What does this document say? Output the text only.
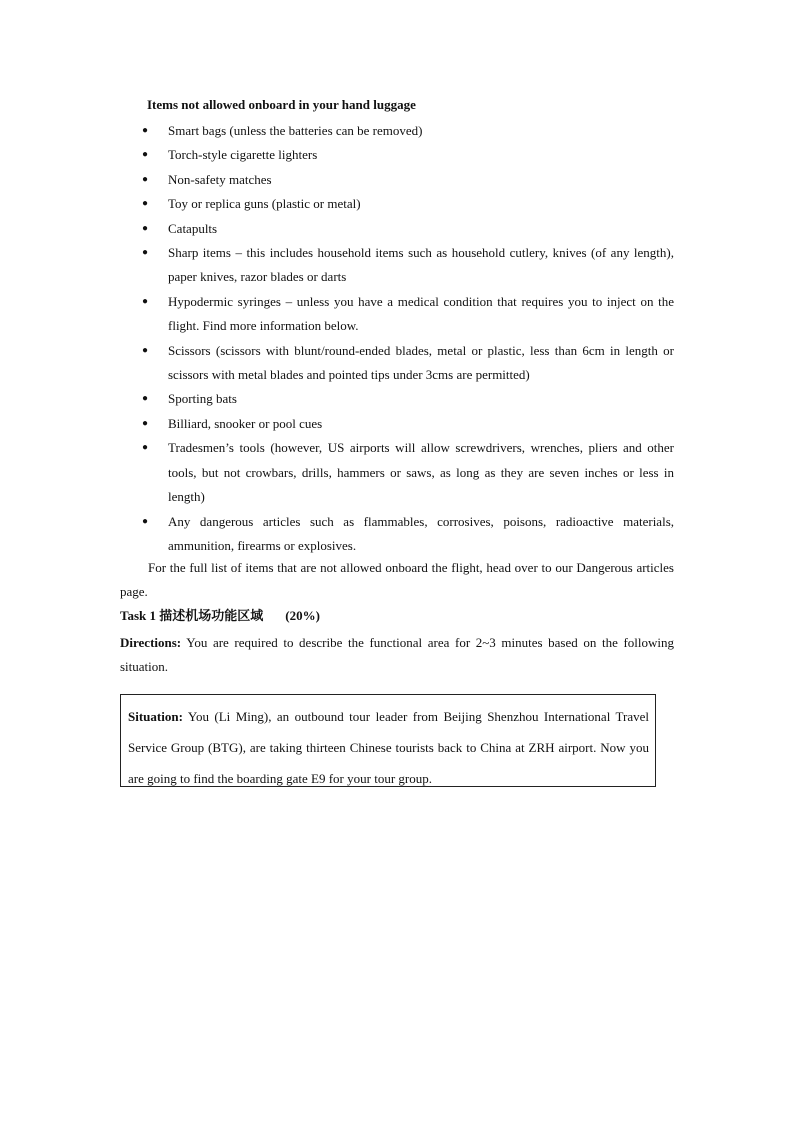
Items not allowed onboard in your hand luggage
●	Smart bags (unless the batteries can be removed)
●	Torch-style cigarette lighters
●	Non-safety matches
●	Toy or replica guns (plastic or metal)
●	Catapults
●	Sharp items – this includes household items such as household cutlery, knives (of any length), paper knives, razor blades or darts
●	Hypodermic syringes – unless you have a medical condition that requires you to inject on the flight. Find more information below.
●	Scissors (scissors with blunt/round-ended blades, metal or plastic, less than 6cm in length or scissors with metal blades and pointed tips under 3cms are permitted)
●	Sporting bats
●	Billiard, snooker or pool cues
●	Tradesmen’s tools (however, US airports will allow screwdrivers, wrenches, pliers and other tools, but not crowbars, drills, hammers or saws, as long as they are seven inches or less in length)
●	Any dangerous articles such as flammables, corrosives, poisons, radioactive materials, ammunition, firearms or explosives.

For the full list of items that are not allowed onboard the flight, head over to our Dangerous articles page.

Task 1 描述机场功能区域 (20%)

Directions: You are required to describe the functional area for 2~3 minutes based on the following situation.

Situation: You (Li Ming), an outbound tour leader from Beijing Shenzhou International Travel Service Group (BTG), are taking thirteen Chinese tourists back to China at ZRH airport. Now you are going to find the boarding gate E9 for your tour group.
